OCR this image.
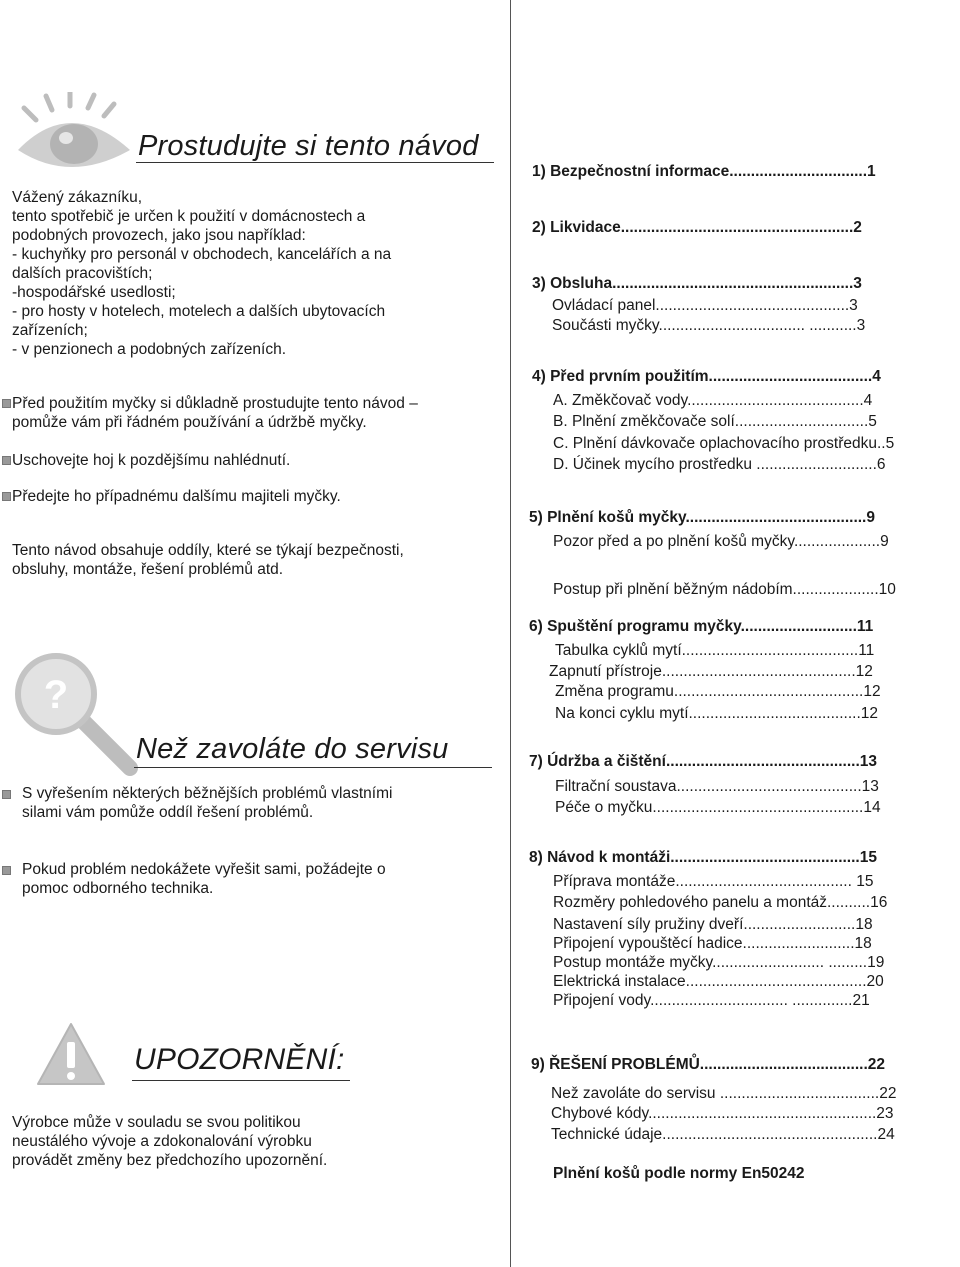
Prostudujte si tento návod
Vážený zákazníku,
tento spotřebič je určen k použití v domácnostech a
podobných provozech, jako jsou například:
- kuchyňky pro personál v obchodech, kancelářích a na
dalších pracovištích;
-hospodářské usedlosti;
- pro hosty v hotelech, motelech a dalších ubytovacích
zařízeních;
- v penzionech a podobných zařízeních.
Před použitím myčky si důkladně prostudujte tento návod –
pomůže vám při řádném používání a údržbě myčky.
Uschovejte hoj k pozdějšímu nahlédnutí.
Předejte ho případnému dalšímu majiteli myčky.
Tento návod obsahuje oddíly, které se týkají bezpečnosti,
obsluhy, montáže, řešení problémů atd.
?
Než zavoláte do servisu
S vyřešením některých běžnějších problémů vlastními
silami vám pomůže oddíl řešení problémů.
Pokud problém nedokážete vyřešit sami, požádejte o
pomoc odborného technika.
UPOZORNĚNÍ:
Výrobce může v souladu se svou politikou
neustálého vývoje a zdokonalování výrobku
provádět změny bez předchozího upozornění.
1) Bezpečnostní informace................................1
2) Likvidace......................................................2
3) Obsluha........................................................3
Ovládací panel.............................................3
Součásti myčky.................................. ...........3
4) Před prvním použitím......................................4
A. Změkčovač vody.........................................4
B. Plnění změkčovače solí...............................5
C. Plnění dávkovače oplachovacího prostředku..5
D. Účinek mycího prostředku ............................6
5) Plnění košů myčky..........................................9
Pozor před a po plnění košů myčky....................9
Postup při plnění běžným nádobím....................10
6) Spuštění programu myčky...........................11
Tabulka cyklů mytí.........................................11
Zapnutí přístroje.............................................12
Změna programu............................................12
Na konci cyklu mytí........................................12
7) Údržba a čištění.............................................13
Filtrační soustava...........................................13
Péče o myčku.................................................14
8) Návod k montáži............................................15
Příprava montáže......................................... 15
Rozměry pohledového panelu a montáž..........16
Nastavení síly pružiny dveří..........................18
Připojení vypouštěcí hadice..........................18
Postup montáže myčky.......................... .........19
Elektrická instalace..........................................20
Připojení vody................................ ..............21
9) ŘEŠENÍ PROBLÉMŮ.......................................22
Než zavoláte do servisu .....................................22
Chybové kódy.....................................................23
Technické údaje..................................................24
Plnění košů podle normy En50242
